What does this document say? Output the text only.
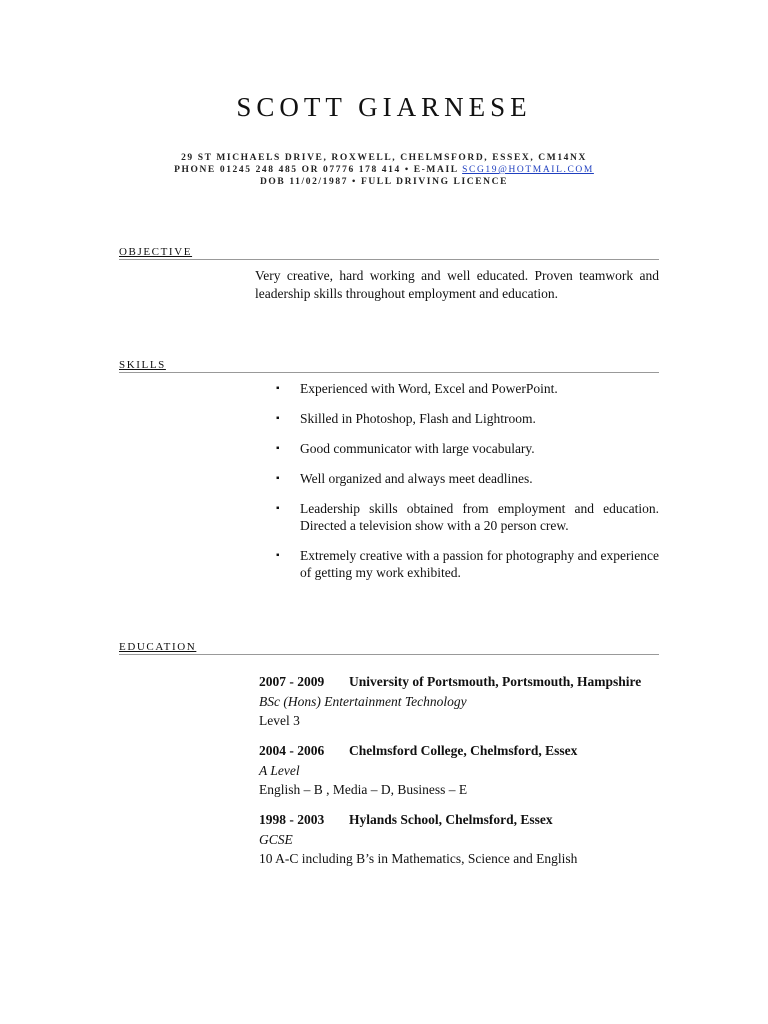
SCOTT GIARNESE
29 ST MICHAELS DRIVE, ROXWELL, CHELMSFORD, ESSEX, CM14NX
PHONE 01245 248 485 OR 07776 178 414 • E-MAIL SCG19@HOTMAIL.COM
DOB 11/02/1987 • FULL DRIVING LICENCE
OBJECTIVE
Very creative, hard working and well educated. Proven teamwork and leadership skills throughout employment and education.
SKILLS
▪ Experienced with Word, Excel and PowerPoint.
▪ Skilled in Photoshop, Flash and Lightroom.
▪ Good communicator with large vocabulary.
▪ Well organized and always meet deadlines.
▪ Leadership skills obtained from employment and education. Directed a television show with a 20 person crew.
▪ Extremely creative with a passion for photography and experience of getting my work exhibited.
EDUCATION
2007 - 2009 University of Portsmouth, Portsmouth, Hampshire
BSc (Hons) Entertainment Technology
Level 3
2004 - 2006 Chelmsford College, Chelmsford, Essex
A Level
English – B , Media – D, Business – E
1998 - 2003 Hylands School, Chelmsford, Essex
GCSE
10 A-C including B’s in Mathematics, Science and English
